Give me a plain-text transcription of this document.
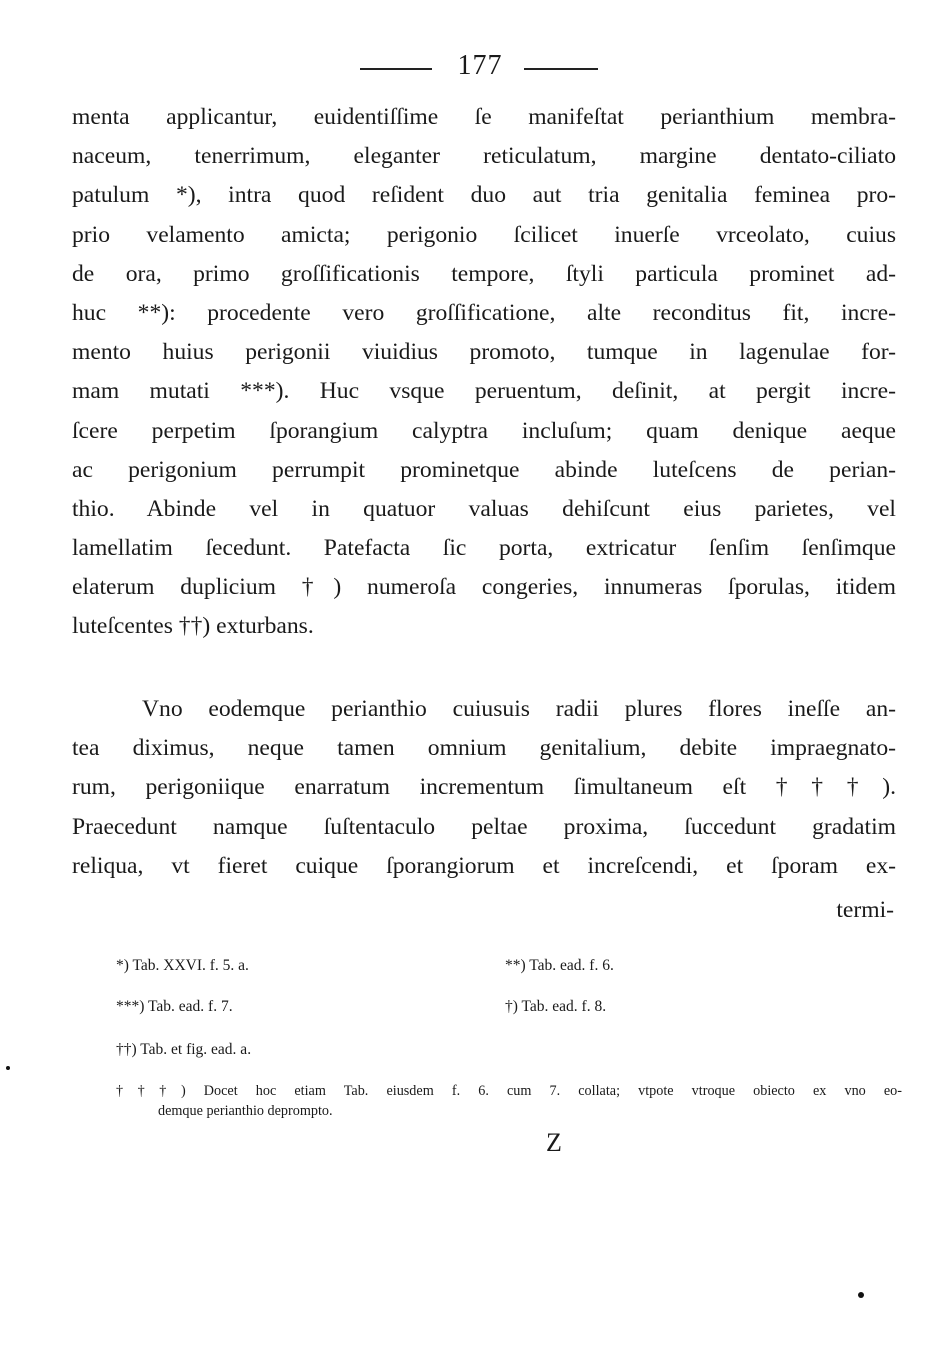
177
menta applicantur, euidentiſſime ſe manifeſtat perianthium membra-
naceum, tenerrimum, eleganter reticulatum, margine dentato-ciliato
patulum *), intra quod reſident duo aut tria genitalia feminea pro-
prio velamento amicta; perigonio ſcilicet inuerſe vrceolato, cuius
de ora, primo groſſificationis tempore, ſtyli particula prominet ad-
huc **): procedente vero groſſificatione, alte reconditus fit, incre-
mento huius perigonii viuidius promoto, tumque in lagenulae for-
mam mutati ***). Huc vsque peruentum, deſinit, at pergit incre-
ſcere perpetim ſporangium calyptra incluſum; quam denique aeque
ac perigonium perrumpit prominetque abinde luteſcens de perian-
thio. Abinde vel in quatuor valuas dehiſcunt eius parietes, vel
lamellatim ſecedunt. Patefacta ſic porta, extricatur ſenſim ſenſimque
elaterum duplicium †) numeroſa congeries, innumeras ſporulas, itidem
luteſcentes ††) exturbans.
Vno eodemque perianthio cuiusuis radii plures flores ineſſe an-
tea diximus, neque tamen omnium genitalium, debite impraegnato-
rum, perigoniique enarratum incrementum ſimultaneum eſt †††).
Praecedunt namque ſuſtentaculo peltae proxima, ſuccedunt gradatim
reliqua, vt fieret cuique ſporangiorum et increſcendi, et ſporam ex-
termi-
*) Tab. XXVI. f. 5. a.	**) Tab. ead. f. 6.
***) Tab. ead. f. 7.	†) Tab. ead. f. 8.
††) Tab. et fig. ead. a.
†††) Docet hoc etiam Tab. eiusdem f. 6. cum 7. collata; vtpote vtroque obiecto ex vno eo-
demque perianthio deprompto.
Z
